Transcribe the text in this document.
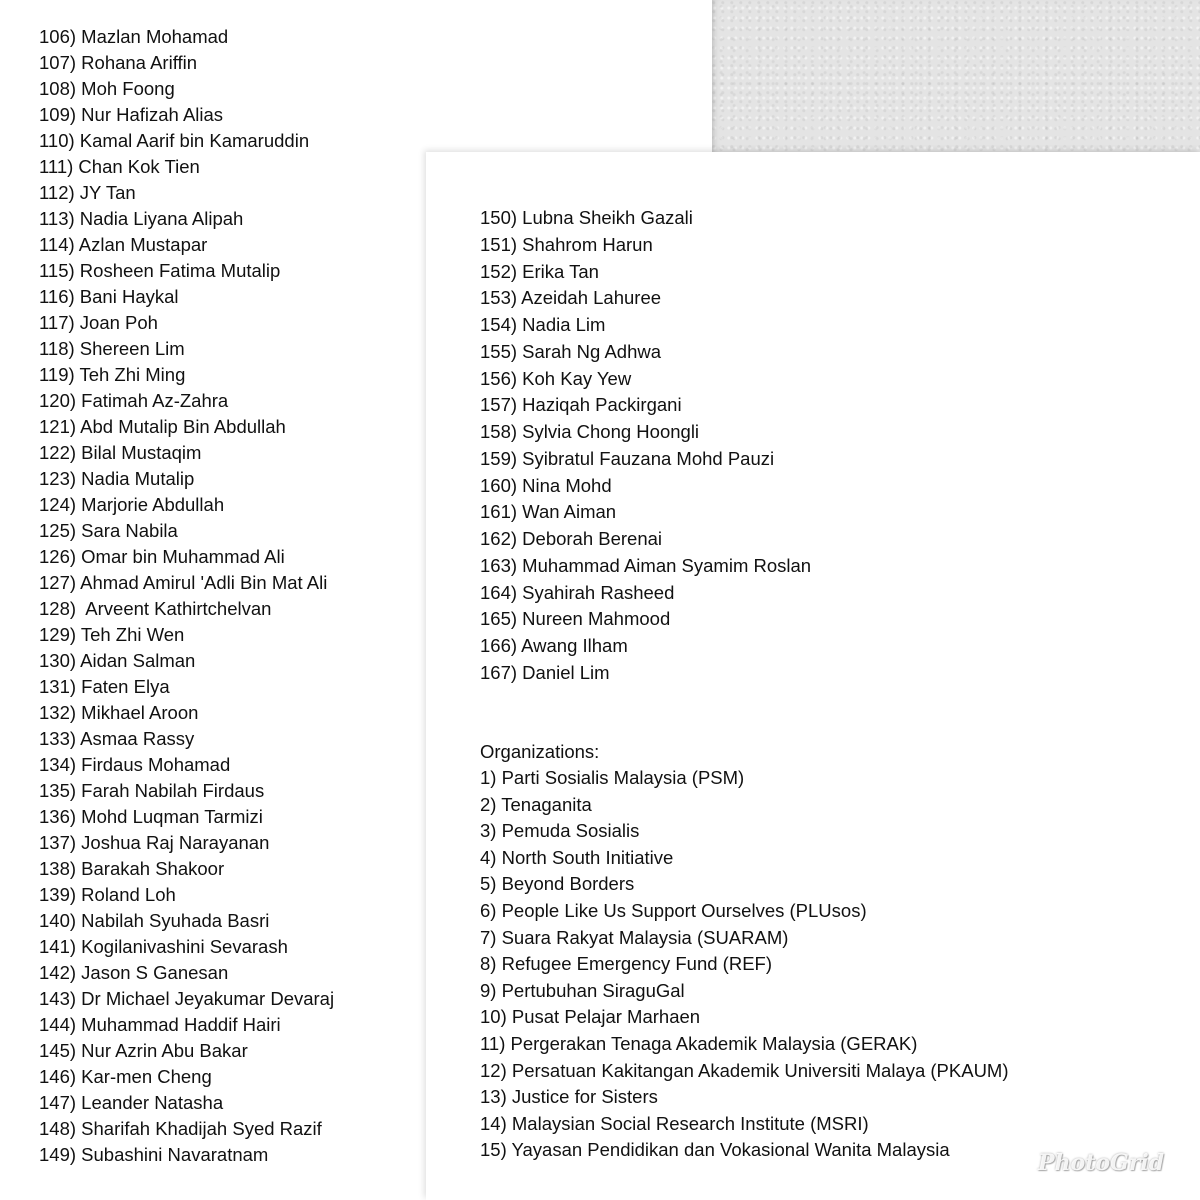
106) Mazlan Mohamad
107) Rohana Ariffin
108) Moh Foong
109) Nur Hafizah Alias
110) Kamal Aarif bin Kamaruddin
111) Chan Kok Tien
112) JY Tan
113) Nadia Liyana Alipah
114) Azlan Mustapar
115) Rosheen Fatima Mutalip
116) Bani Haykal
117) Joan Poh
118) Shereen Lim
119) Teh Zhi Ming
120) Fatimah Az-Zahra
121) Abd Mutalip Bin Abdullah
122) Bilal Mustaqim
123) Nadia Mutalip
124) Marjorie Abdullah
125) Sara Nabila
126) Omar bin Muhammad Ali
127) Ahmad Amirul 'Adli Bin Mat Ali
128)  Arveent Kathirtchelvan
129) Teh Zhi Wen
130) Aidan Salman
131) Faten Elya
132) Mikhael Aroon
133) Asmaa Rassy
134) Firdaus Mohamad
135) Farah Nabilah Firdaus
136) Mohd Luqman Tarmizi
137) Joshua Raj Narayanan
138) Barakah Shakoor
139) Roland Loh
140) Nabilah Syuhada Basri
141) Kogilanivashini Sevarash
142) Jason S Ganesan
143) Dr Michael Jeyakumar Devaraj
144) Muhammad Haddif Hairi
145) Nur Azrin Abu Bakar
146) Kar-men Cheng
147) Leander Natasha
148) Sharifah Khadijah Syed Razif
149) Subashini Navaratnam
150) Lubna Sheikh Gazali
151) Shahrom Harun
152) Erika Tan
153) Azeidah Lahuree
154) Nadia Lim
155) Sarah Ng Adhwa
156) Koh Kay Yew
157) Haziqah Packirgani
158) Sylvia Chong Hoongli
159) Syibratul Fauzana Mohd Pauzi
160) Nina Mohd
161) Wan Aiman
162) Deborah Berenai
163) Muhammad Aiman Syamim Roslan
164) Syahirah Rasheed
165) Nureen Mahmood
166) Awang Ilham
167) Daniel Lim
Organizations:
1) Parti Sosialis Malaysia (PSM)
2) Tenaganita
3) Pemuda Sosialis
4) North South Initiative
5) Beyond Borders
6) People Like Us Support Ourselves (PLUsos)
7) Suara Rakyat Malaysia (SUARAM)
8) Refugee Emergency Fund (REF)
9) Pertubuhan SiraguGal
10) Pusat Pelajar Marhaen
11) Pergerakan Tenaga Akademik Malaysia (GERAK)
12) Persatuan Kakitangan Akademik Universiti Malaya (PKAUM)
13) Justice for Sisters
14) Malaysian Social Research Institute (MSRI)
15) Yayasan Pendidikan dan Vokasional Wanita Malaysia
PhotoGrid
